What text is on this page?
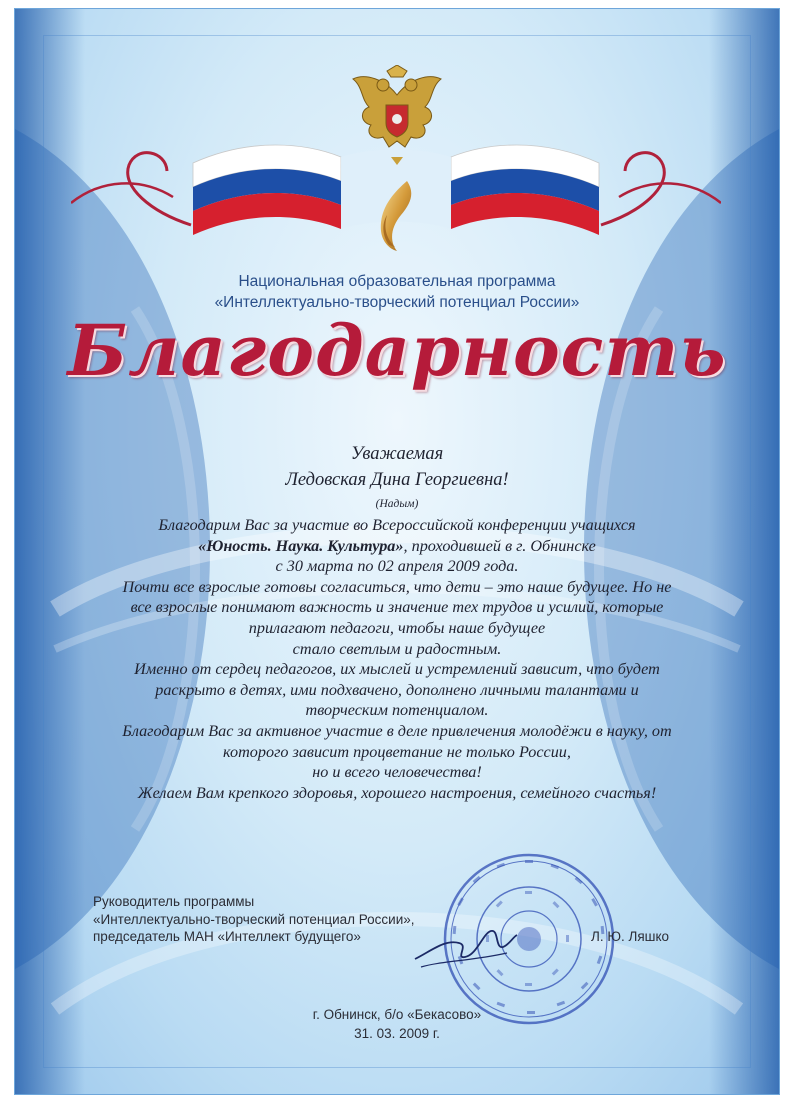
Национальная образовательная программа
«Интеллектуально-творческий потенциал России»
Благодарность
Уважаемая
Ледовская Дина Георгиевна!
(Надым)
Благодарим Вас за участие во Всероссийской конференции учащихся
«Юность. Наука. Культура», проходившей в г. Обнинске
с 30 марта по 02 апреля 2009 года.
Почти все взрослые готовы согласиться, что дети – это наше будущее. Но не
все взрослые понимают важность и значение тех трудов и усилий, которые
прилагают педагоги, чтобы наше будущее
стало светлым и радостным.
Именно от сердец педагогов, их мыслей и устремлений зависит, что будет
раскрыто в детях, ими подхвачено, дополнено личными талантами и
творческим потенциалом.
Благодарим Вас за активное участие в деле привлечения молодёжи в науку, от
которого зависит процветание не только России,
но и всего человечества!
Желаем Вам крепкого здоровья, хорошего настроения, семейного счастья!
Руководитель программы
«Интеллектуально-творческий потенциал России»,
председатель МАН «Интеллект будущего»	Л. Ю. Ляшко
г. Обнинск, б/о «Бекасово»
31. 03. 2009 г.
